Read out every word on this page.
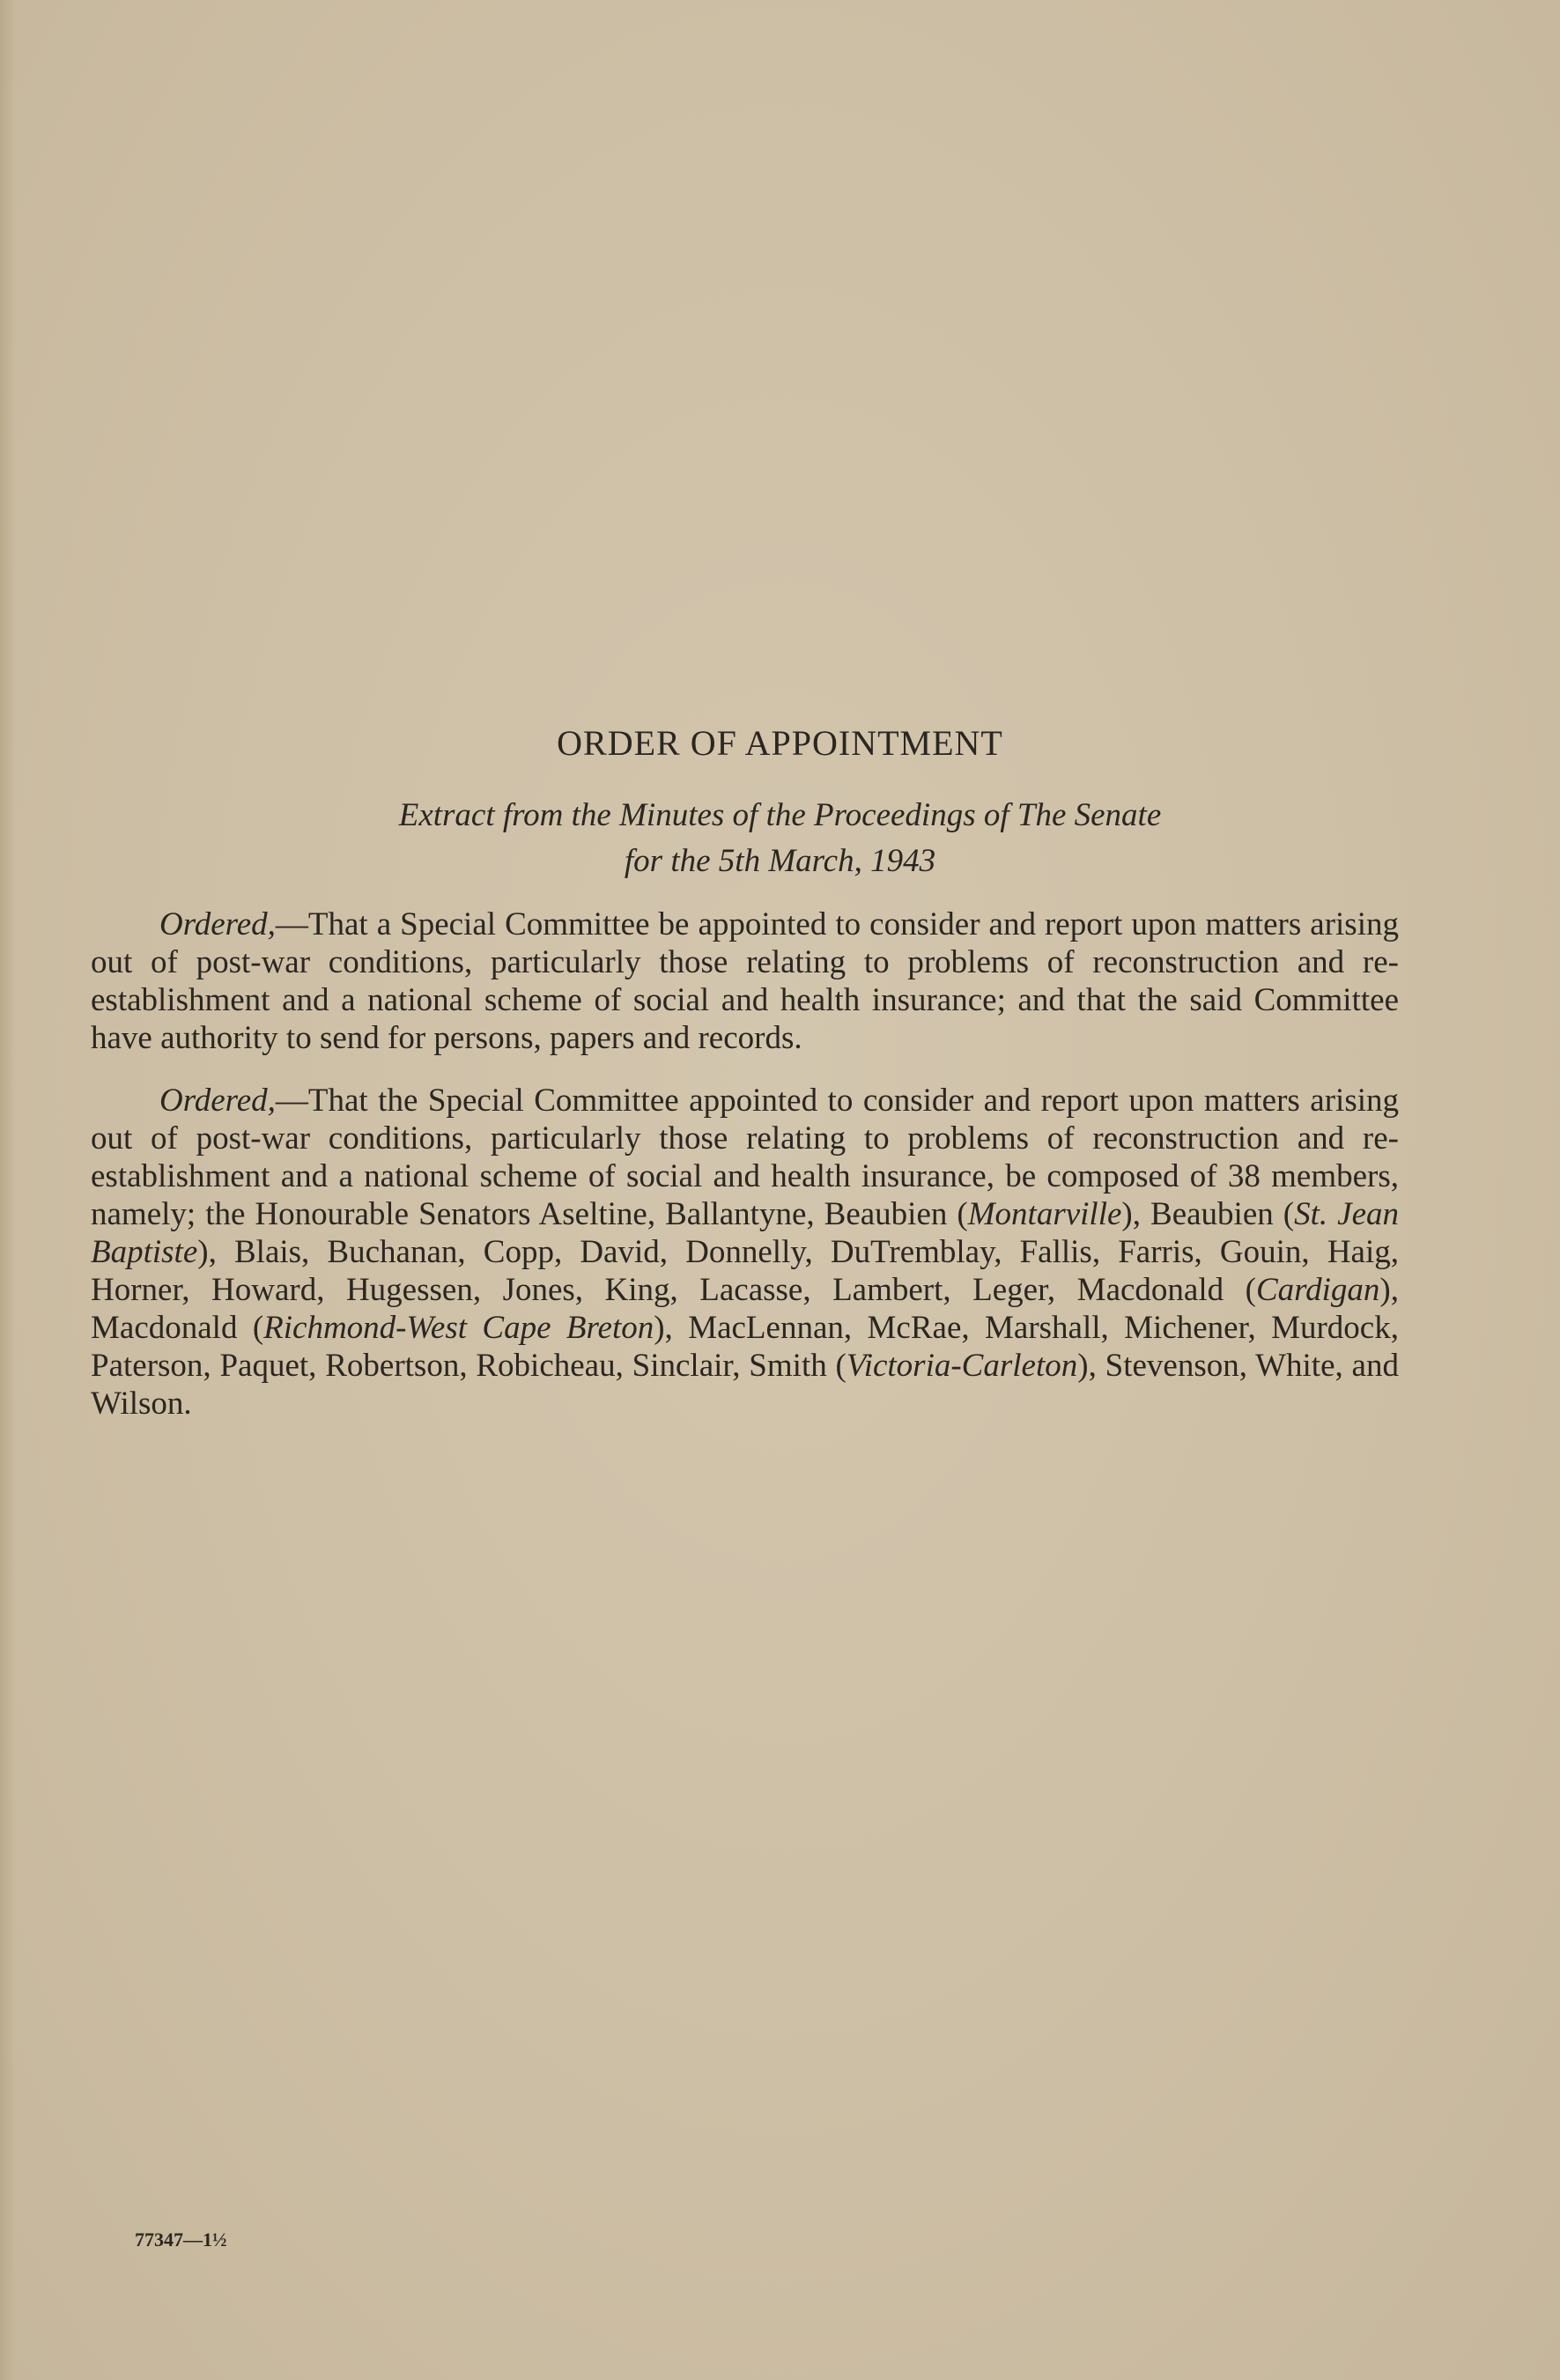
ORDER OF APPOINTMENT
Extract from the Minutes of the Proceedings of The Senate
for the 5th March, 1943

Ordered,—That a Special Committee be appointed to consider and report upon matters arising out of post-war conditions, particularly those relating to problems of reconstruction and re-establishment and a national scheme of social and health insurance; and that the said Committee have authority to send for persons, papers and records.

Ordered,—That the Special Committee appointed to consider and report upon matters arising out of post-war conditions, particularly those relating to problems of reconstruction and re-establishment and a national scheme of social and health insurance, be composed of 38 members, namely; the Honourable Senators Aseltine, Ballantyne, Beaubien (Montarville), Beaubien (St. Jean Baptiste), Blais, Buchanan, Copp, David, Donnelly, DuTremblay, Fallis, Farris, Gouin, Haig, Horner, Howard, Hugessen, Jones, King, Lacasse, Lambert, Leger, Macdonald (Cardigan), Macdonald (Richmond-West Cape Breton), MacLennan, McRae, Marshall, Michener, Murdock, Paterson, Paquet, Robertson, Robicheau, Sinclair, Smith (Victoria-Carleton), Stevenson, White, and Wilson.

77347—1½
